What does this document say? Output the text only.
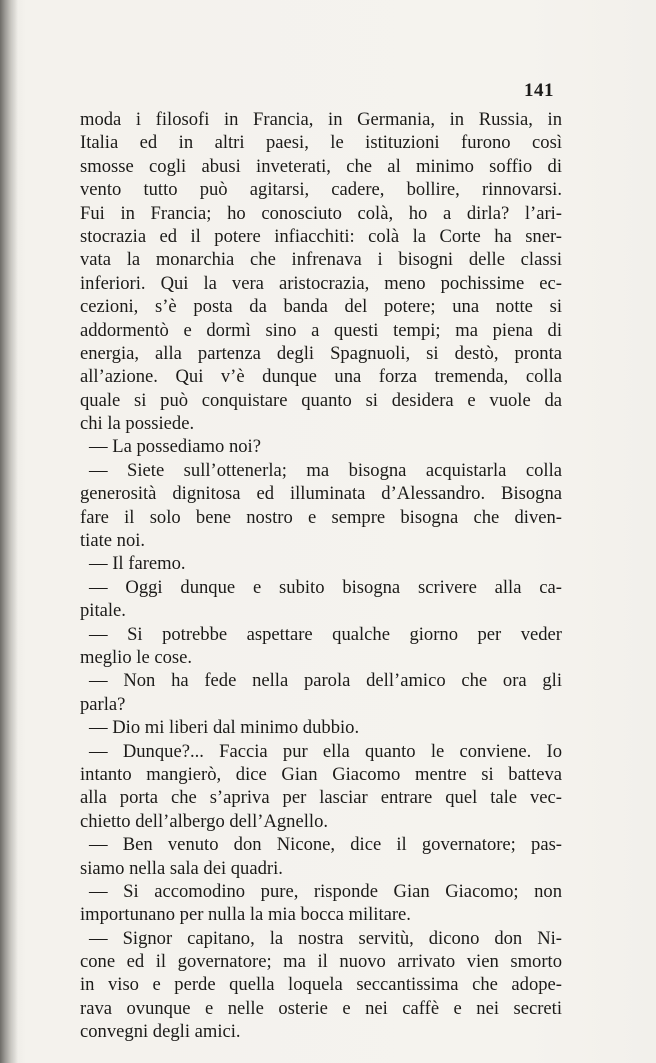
141
moda i filosofi in Francia, in Germania, in Russia, in
Italia ed in altri paesi, le istituzioni furono così
smosse cogli abusi inveterati, che al minimo soffio di
vento tutto può agitarsi, cadere, bollire, rinnovarsi.
Fui in Francia; ho conosciuto colà, ho a dirla? l’ari-
stocrazia ed il potere infiacchiti: colà la Corte ha sner-
vata la monarchia che infrenava i bisogni delle classi
inferiori. Qui la vera aristocrazia, meno pochissime ec-
cezioni, s’è posta da banda del potere; una notte si
addormentò e dormì sino a questi tempi; ma piena di
energia, alla partenza degli Spagnuoli, si destò, pronta
all’azione. Qui v’è dunque una forza tremenda, colla
quale si può conquistare quanto si desidera e vuole da
chi la possiede.
— La possediamo noi?
— Siete sull’ottenerla; ma bisogna acquistarla colla
generosità dignitosa ed illuminata d’Alessandro. Bisogna
fare il solo bene nostro e sempre bisogna che diven-
tiate noi.
— Il faremo.
— Oggi dunque e subito bisogna scrivere alla ca-
pitale.
— Si potrebbe aspettare qualche giorno per veder
meglio le cose.
— Non ha fede nella parola dell’amico che ora gli
parla?
— Dio mi liberi dal minimo dubbio.
— Dunque?... Faccia pur ella quanto le conviene. Io
intanto mangierò, dice Gian Giacomo mentre si batteva
alla porta che s’apriva per lasciar entrare quel tale vec-
chietto dell’albergo dell’Agnello.
— Ben venuto don Nicone, dice il governatore; pas-
siamo nella sala dei quadri.
— Si accomodino pure, risponde Gian Giacomo; non
importunano per nulla la mia bocca militare.
— Signor capitano, la nostra servitù, dicono don Ni-
cone ed il governatore; ma il nuovo arrivato vien smorto
in viso e perde quella loquela seccantissima che adope-
rava ovunque e nelle osterie e nei caffè e nei secreti
convegni degli amici.
